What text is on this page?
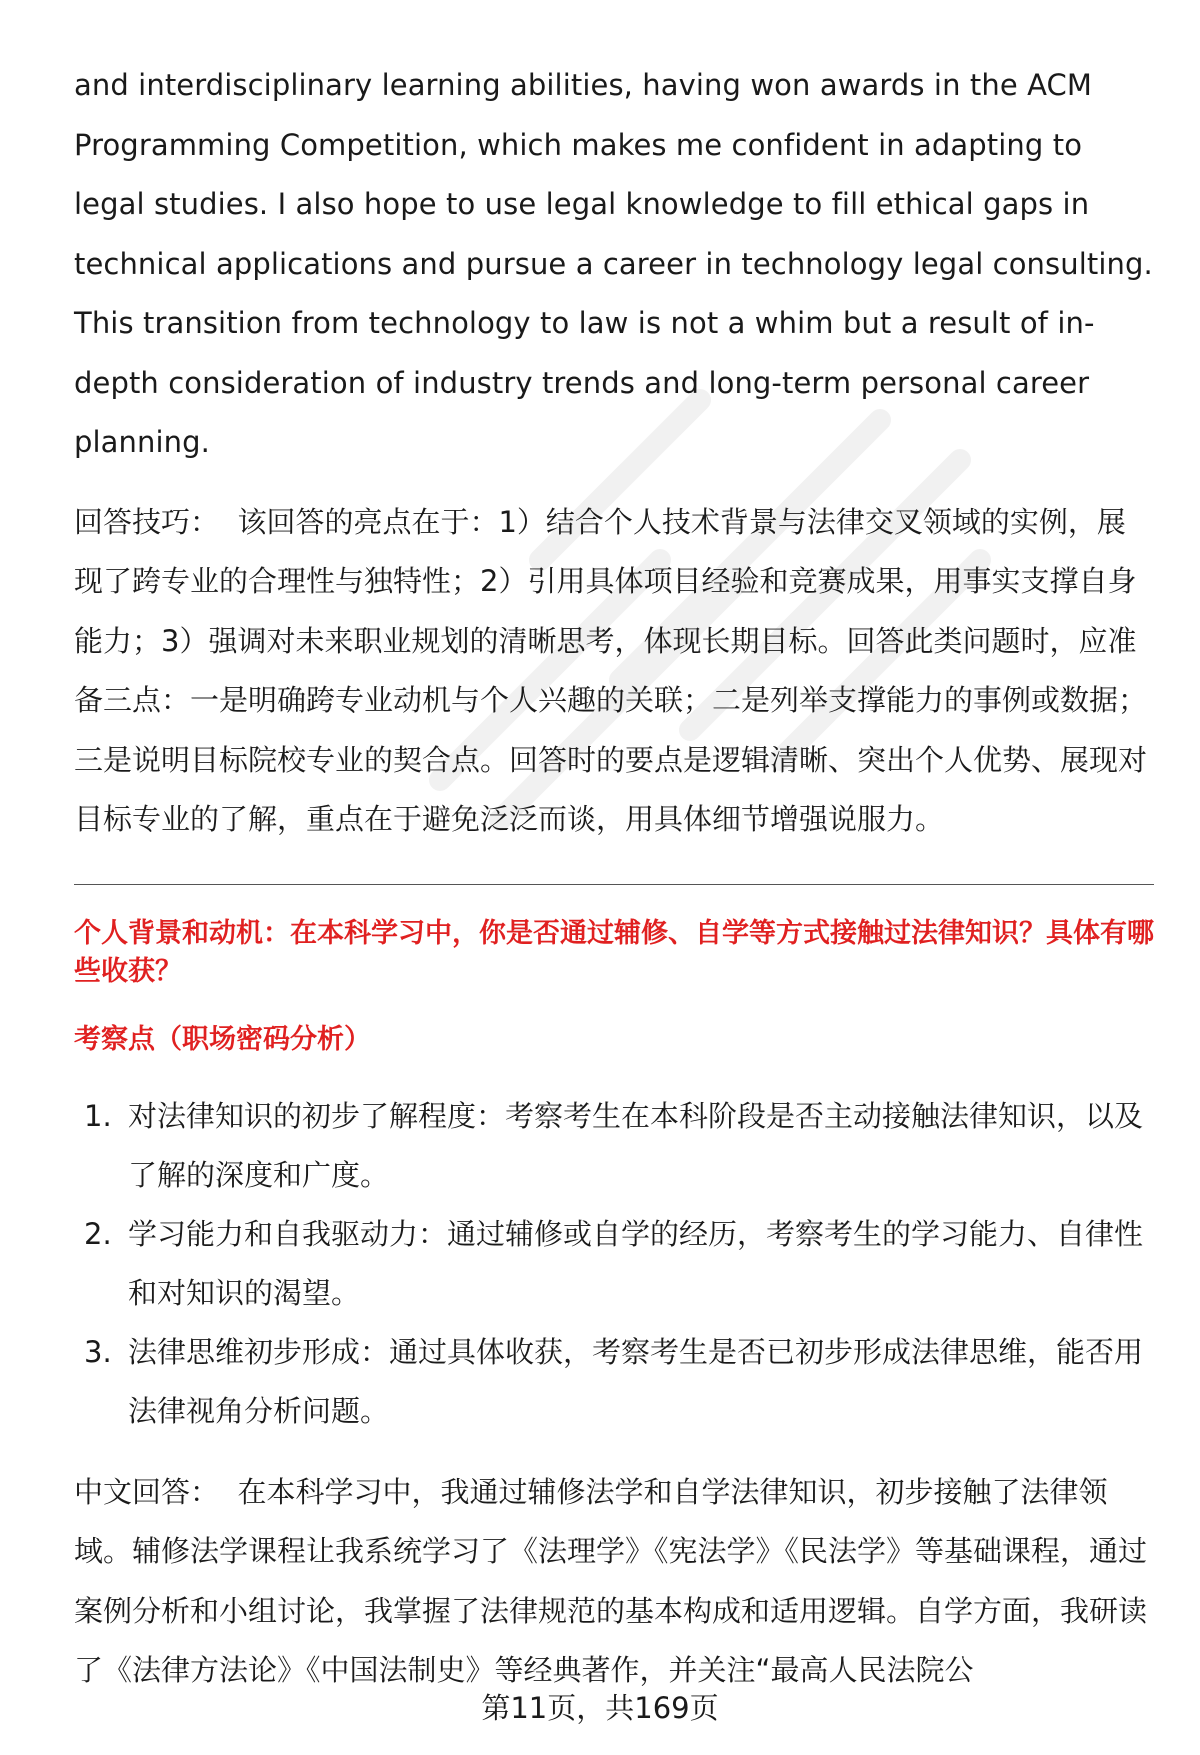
and interdisciplinary learning abilities, having won awards in the ACM Programming Competition, which makes me confident in adapting to legal studies. I also hope to use legal knowledge to fill ethical gaps in technical applications and pursue a career in technology legal consulting. This transition from technology to law is not a whim but a result of in-depth consideration of industry trends and long-term personal career planning.

回答技巧： 该回答的亮点在于：1）结合个人技术背景与法律交叉领域的实例，展现了跨专业的合理性与独特性；2）引用具体项目经验和竞赛成果，用事实支撑自身能力；3）强调对未来职业规划的清晰思考，体现长期目标。回答此类问题时，应准备三点：一是明确跨专业动机与个人兴趣的关联；二是列举支撑能力的事例或数据；三是说明目标院校专业的契合点。回答时的要点是逻辑清晰、突出个人优势、展现对目标专业的了解，重点在于避免泛泛而谈，用具体细节增强说服力。

个人背景和动机：在本科学习中，你是否通过辅修、自学等方式接触过法律知识？具体有哪些收获？

考察点（职场密码分析）

1. 对法律知识的初步了解程度：考察考生在本科阶段是否主动接触法律知识，以及了解的深度和广度。
2. 学习能力和自我驱动力：通过辅修或自学的经历，考察考生的学习能力、自律性和对知识的渴望。
3. 法律思维初步形成：通过具体收获，考察考生是否已初步形成法律思维，能否用法律视角分析问题。

中文回答： 在本科学习中，我通过辅修法学和自学法律知识，初步接触了法律领域。辅修法学课程让我系统学习了《法理学》《宪法学》《民法学》等基础课程，通过案例分析和小组讨论，我掌握了法律规范的基本构成和适用逻辑。自学方面，我研读了《法律方法论》《中国法制史》等经典著作，并关注“最高人民法院公

第11页，共169页
